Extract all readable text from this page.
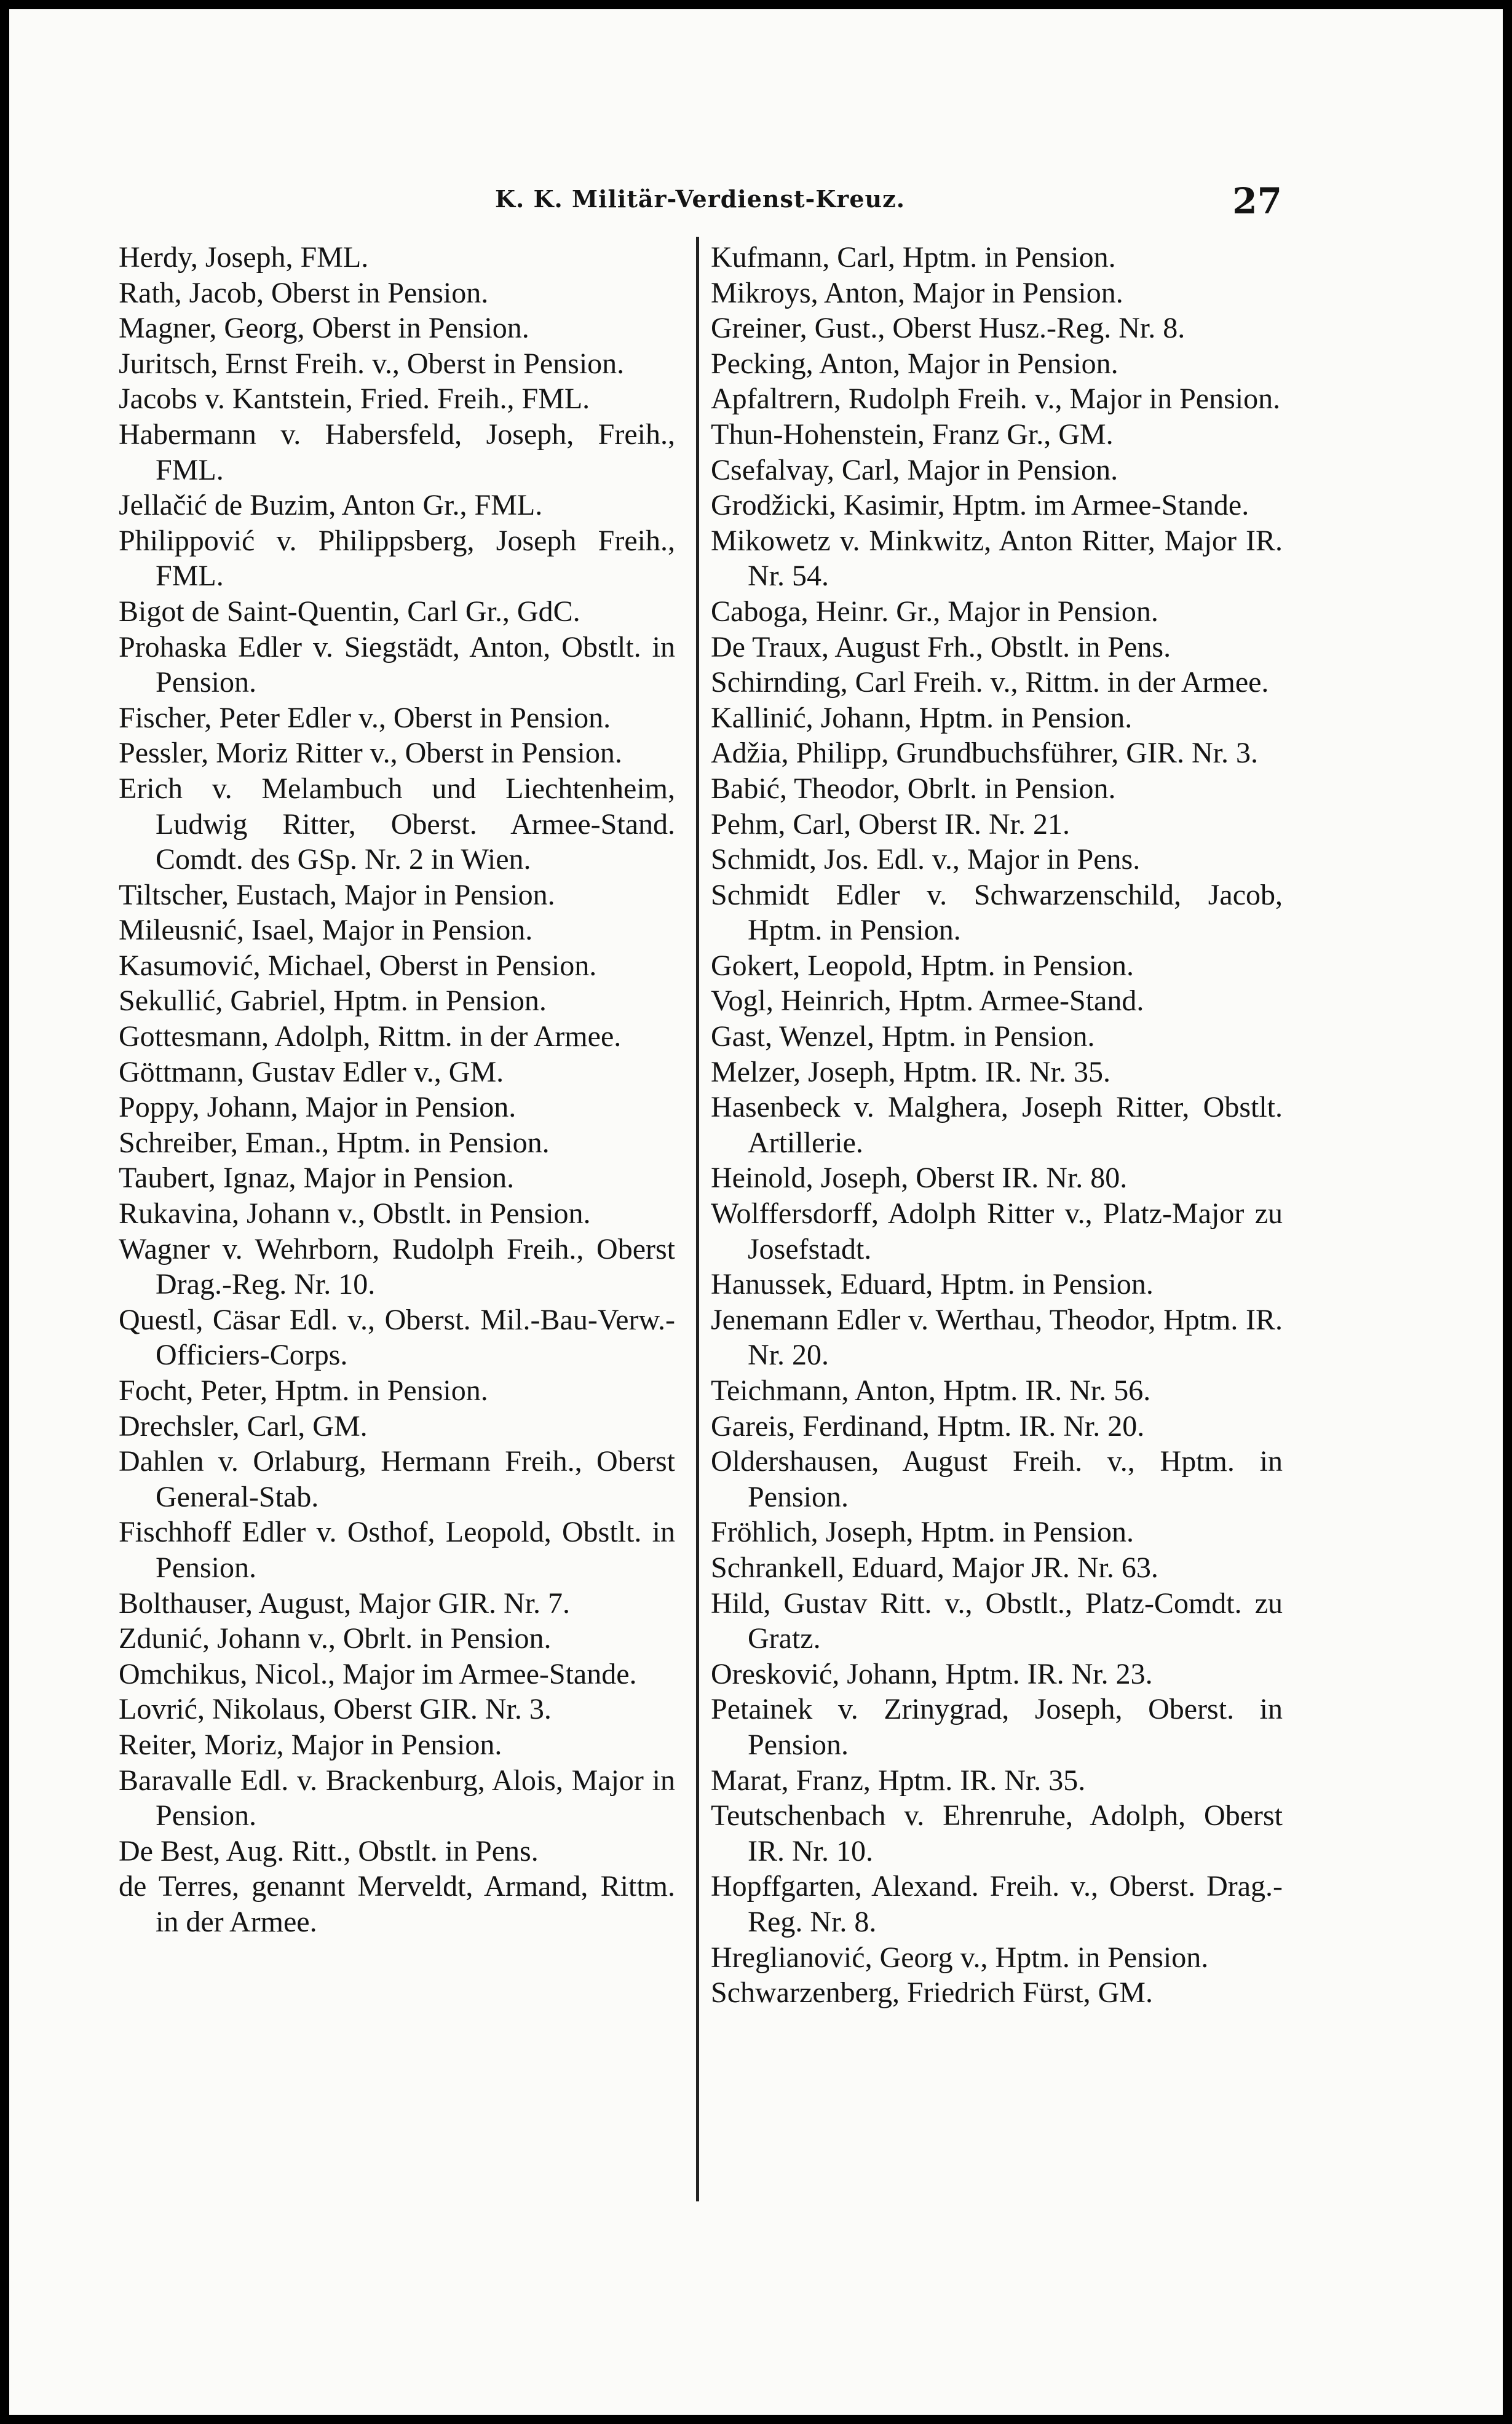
K. K. Militär-Verdienst-Kreuz.	27
Herdy, Joseph, FML.
Rath, Jacob, Oberst in Pension.
Magner, Georg, Oberst in Pension.
Juritsch, Ernst Freih. v., Oberst in Pension.
Jacobs v. Kantstein, Fried. Freih., FML.
Habermann v. Habersfeld, Joseph, Freih., FML.
Jellačić de Buzim, Anton Gr., FML.
Philippović v. Philippsberg, Joseph Freih., FML.
Bigot de Saint-Quentin, Carl Gr., GdC.
Prohaska Edler v. Siegstädt, Anton, Obstlt. in Pension.
Fischer, Peter Edler v., Oberst in Pension.
Pessler, Moriz Ritter v., Oberst in Pension.
Erich v. Melambuch und Liechtenheim, Ludwig Ritter, Oberst. Armee-Stand. Comdt. des GSp. Nr. 2 in Wien.
Tiltscher, Eustach, Major in Pension.
Mileusnić, Isael, Major in Pension.
Kasumović, Michael, Oberst in Pension.
Sekullić, Gabriel, Hptm. in Pension.
Gottesmann, Adolph, Rittm. in der Armee.
Göttmann, Gustav Edler v., GM.
Poppy, Johann, Major in Pension.
Schreiber, Eman., Hptm. in Pension.
Taubert, Ignaz, Major in Pension.
Rukavina, Johann v., Obstlt. in Pension.
Wagner v. Wehrborn, Rudolph Freih., Oberst Drag.-Reg. Nr. 10.
Questl, Cäsar Edl. v., Oberst. Mil.-Bau-Verw.-Officiers-Corps.
Focht, Peter, Hptm. in Pension.
Drechsler, Carl, GM.
Dahlen v. Orlaburg, Hermann Freih., Oberst General-Stab.
Fischhoff Edler v. Osthof, Leopold, Obstlt. in Pension.
Bolthauser, August, Major GIR. Nr. 7.
Zdunić, Johann v., Obrlt. in Pension.
Omchikus, Nicol., Major im Armee-Stande.
Lovrić, Nikolaus, Oberst GIR. Nr. 3.
Reiter, Moriz, Major in Pension.
Baravalle Edl. v. Brackenburg, Alois, Major in Pension.
De Best, Aug. Ritt., Obstlt. in Pens.
de Terres, genannt Merveldt, Armand, Rittm. in der Armee.
Kufmann, Carl, Hptm. in Pension.
Mikroys, Anton, Major in Pension.
Greiner, Gust., Oberst Husz.-Reg. Nr. 8.
Pecking, Anton, Major in Pension.
Apfaltrern, Rudolph Freih. v., Major in Pension.
Thun-Hohenstein, Franz Gr., GM.
Csefalvay, Carl, Major in Pension.
Grodžicki, Kasimir, Hptm. im Armee-Stande.
Mikowetz v. Minkwitz, Anton Ritter, Major IR. Nr. 54.
Caboga, Heinr. Gr., Major in Pension.
De Traux, August Frh., Obstlt. in Pens.
Schirnding, Carl Freih. v., Rittm. in der Armee.
Kallinić, Johann, Hptm. in Pension.
Adžia, Philipp, Grundbuchsführer, GIR. Nr. 3.
Babić, Theodor, Obrlt. in Pension.
Pehm, Carl, Oberst IR. Nr. 21.
Schmidt, Jos. Edl. v., Major in Pens.
Schmidt Edler v. Schwarzenschild, Jacob, Hptm. in Pension.
Gokert, Leopold, Hptm. in Pension.
Vogl, Heinrich, Hptm. Armee-Stand.
Gast, Wenzel, Hptm. in Pension.
Melzer, Joseph, Hptm. IR. Nr. 35.
Hasenbeck v. Malghera, Joseph Ritter, Obstlt. Artillerie.
Heinold, Joseph, Oberst IR. Nr. 80.
Wolffersdorff, Adolph Ritter v., Platz-Major zu Josefstadt.
Hanussek, Eduard, Hptm. in Pension.
Jenemann Edler v. Werthau, Theodor, Hptm. IR. Nr. 20.
Teichmann, Anton, Hptm. IR. Nr. 56.
Gareis, Ferdinand, Hptm. IR. Nr. 20.
Oldershausen, August Freih. v., Hptm. in Pension.
Fröhlich, Joseph, Hptm. in Pension.
Schrankell, Eduard, Major JR. Nr. 63.
Hild, Gustav Ritt. v., Obstlt., Platz-Comdt. zu Gratz.
Oresković, Johann, Hptm. IR. Nr. 23.
Petainek v. Zrinygrad, Joseph, Oberst. in Pension.
Marat, Franz, Hptm. IR. Nr. 35.
Teutschenbach v. Ehrenruhe, Adolph, Oberst IR. Nr. 10.
Hopffgarten, Alexand. Freih. v., Oberst. Drag.-Reg. Nr. 8.
Hreglianović, Georg v., Hptm. in Pension.
Schwarzenberg, Friedrich Fürst, GM.
